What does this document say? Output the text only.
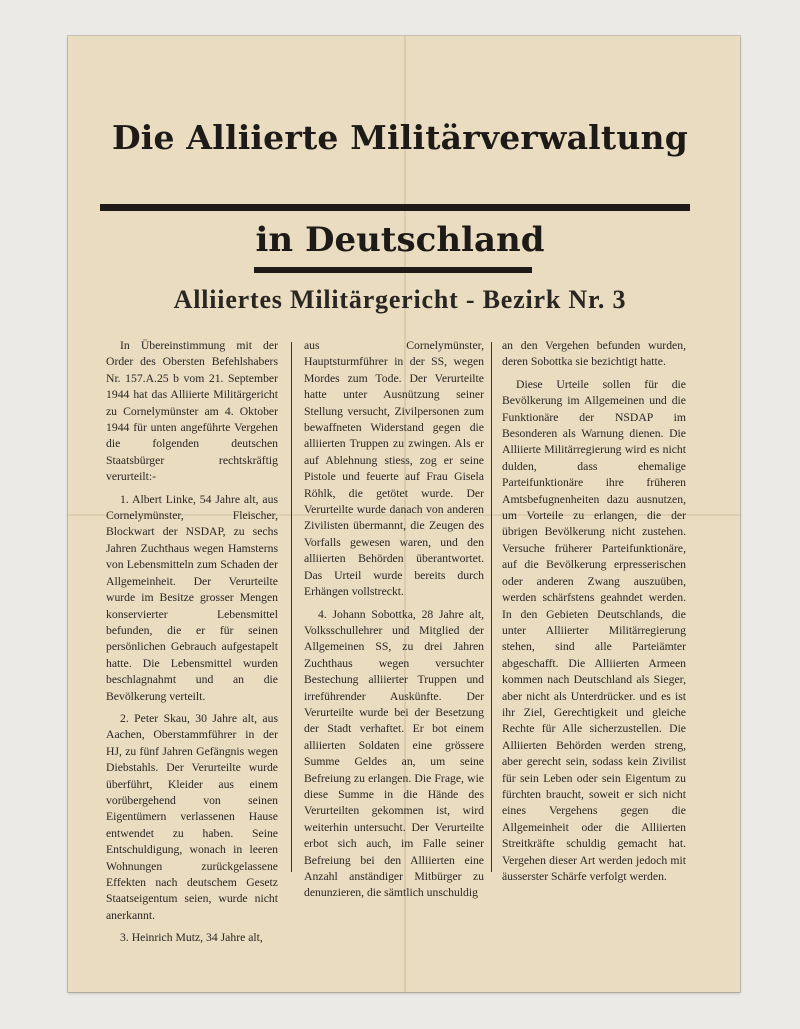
Die Alliierte Militärverwaltung
in Deutschland
Alliiertes Militärgericht - Bezirk Nr. 3

In Übereinstimmung mit der Order des Obersten Befehlshabers Nr. 157.A.25 b vom 21. September 1944 hat das Alliierte Militärgericht zu Cornelymünster am 4. Oktober 1944 für unten angeführte Vergehen die folgenden deutschen Staatsbürger rechtskräftig verurteilt:-

1. Albert Linke, 54 Jahre alt, aus Cornelymünster, Fleischer, Blockwart der NSDAP, zu sechs Jahren Zuchthaus wegen Hamsterns von Lebensmitteln zum Schaden der Allgemeinheit. Der Verurteilte wurde im Besitze grosser Mengen konservierter Lebensmittel befunden, die er für seinen persönlichen Gebrauch aufgestapelt hatte. Die Lebensmittel wurden beschlagnahmt und an die Bevölkerung verteilt.

2. Peter Skau, 30 Jahre alt, aus Aachen, Oberstammführer in der HJ, zu fünf Jahren Gefängnis wegen Diebstahls. Der Verurteilte wurde überführt, Kleider aus einem vorübergehend von seinen Eigentümern verlassenen Hause entwendet zu haben. Seine Entschuldigung, wonach in leeren Wohnungen zurückgelassene Effekten nach deutschem Gesetz Staatseigentum seien, wurde nicht anerkannt.

3. Heinrich Mutz, 34 Jahre alt,

aus Cornelymünster, Hauptsturmführer in der SS, wegen Mordes zum Tode. Der Verurteilte hatte unter Ausnützung seiner Stellung versucht, Zivilpersonen zum bewaffneten Widerstand gegen die alliierten Truppen zu zwingen. Als er auf Ablehnung stiess, zog er seine Pistole und feuerte auf Frau Gisela Röhlk, die getötet wurde. Der Verurteilte wurde danach von anderen Zivilisten übermannt, die Zeugen des Vorfalls gewesen waren, und den alliierten Behörden überantwortet. Das Urteil wurde bereits durch Erhängen vollstreckt.

4. Johann Sobottka, 28 Jahre alt, Volksschullehrer und Mitglied der Allgemeinen SS, zu drei Jahren Zuchthaus wegen versuchter Bestechung alliierter Truppen und irreführender Auskünfte. Der Verurteilte wurde bei der Besetzung der Stadt verhaftet. Er bot einem alliierten Soldaten eine grössere Summe Geldes an, um seine Befreiung zu erlangen. Die Frage, wie diese Summe in die Hände des Verurteilten gekommen ist, wird weiterhin untersucht. Der Verurteilte erbot sich auch, im Falle seiner Befreiung bei den Alliierten eine Anzahl anständiger Mitbürger zu denunzieren, die sämtlich unschuldig

an den Vergehen befunden wurden, deren Sobottka sie bezichtigt hatte.

Diese Urteile sollen für die Bevölkerung im Allgemeinen und die Funktionäre der NSDAP im Besonderen als Warnung dienen. Die Alliierte Militärregierung wird es nicht dulden, dass ehemalige Parteifunktionäre ihre früheren Amtsbefugnenheiten dazu ausnutzen, um Vorteile zu erlangen, die der übrigen Bevölkerung nicht zustehen. Versuche früherer Parteifunktionäre, auf die Bevölkerung erpresserischen oder anderen Zwang auszuüben, werden schärfstens geahndet werden. In den Gebieten Deutschlands, die unter Alliierter Militärregierung stehen, sind alle Parteiämter abgeschafft. Die Alliierten Armeen kommen nach Deutschland als Sieger, aber nicht als Unterdrücker. und es ist ihr Ziel, Gerechtigkeit und gleiche Rechte für Alle sicherzustellen. Die Alliierten Behörden werden streng, aber gerecht sein, sodass kein Zivilist für sein Leben oder sein Eigentum zu fürchten braucht, soweit er sich nicht eines Vergehens gegen die Allgemeinheit oder die Alliierten Streitkräfte schuldig gemacht hat. Vergehen dieser Art werden jedoch mit äusserster Schärfe verfolgt werden.
